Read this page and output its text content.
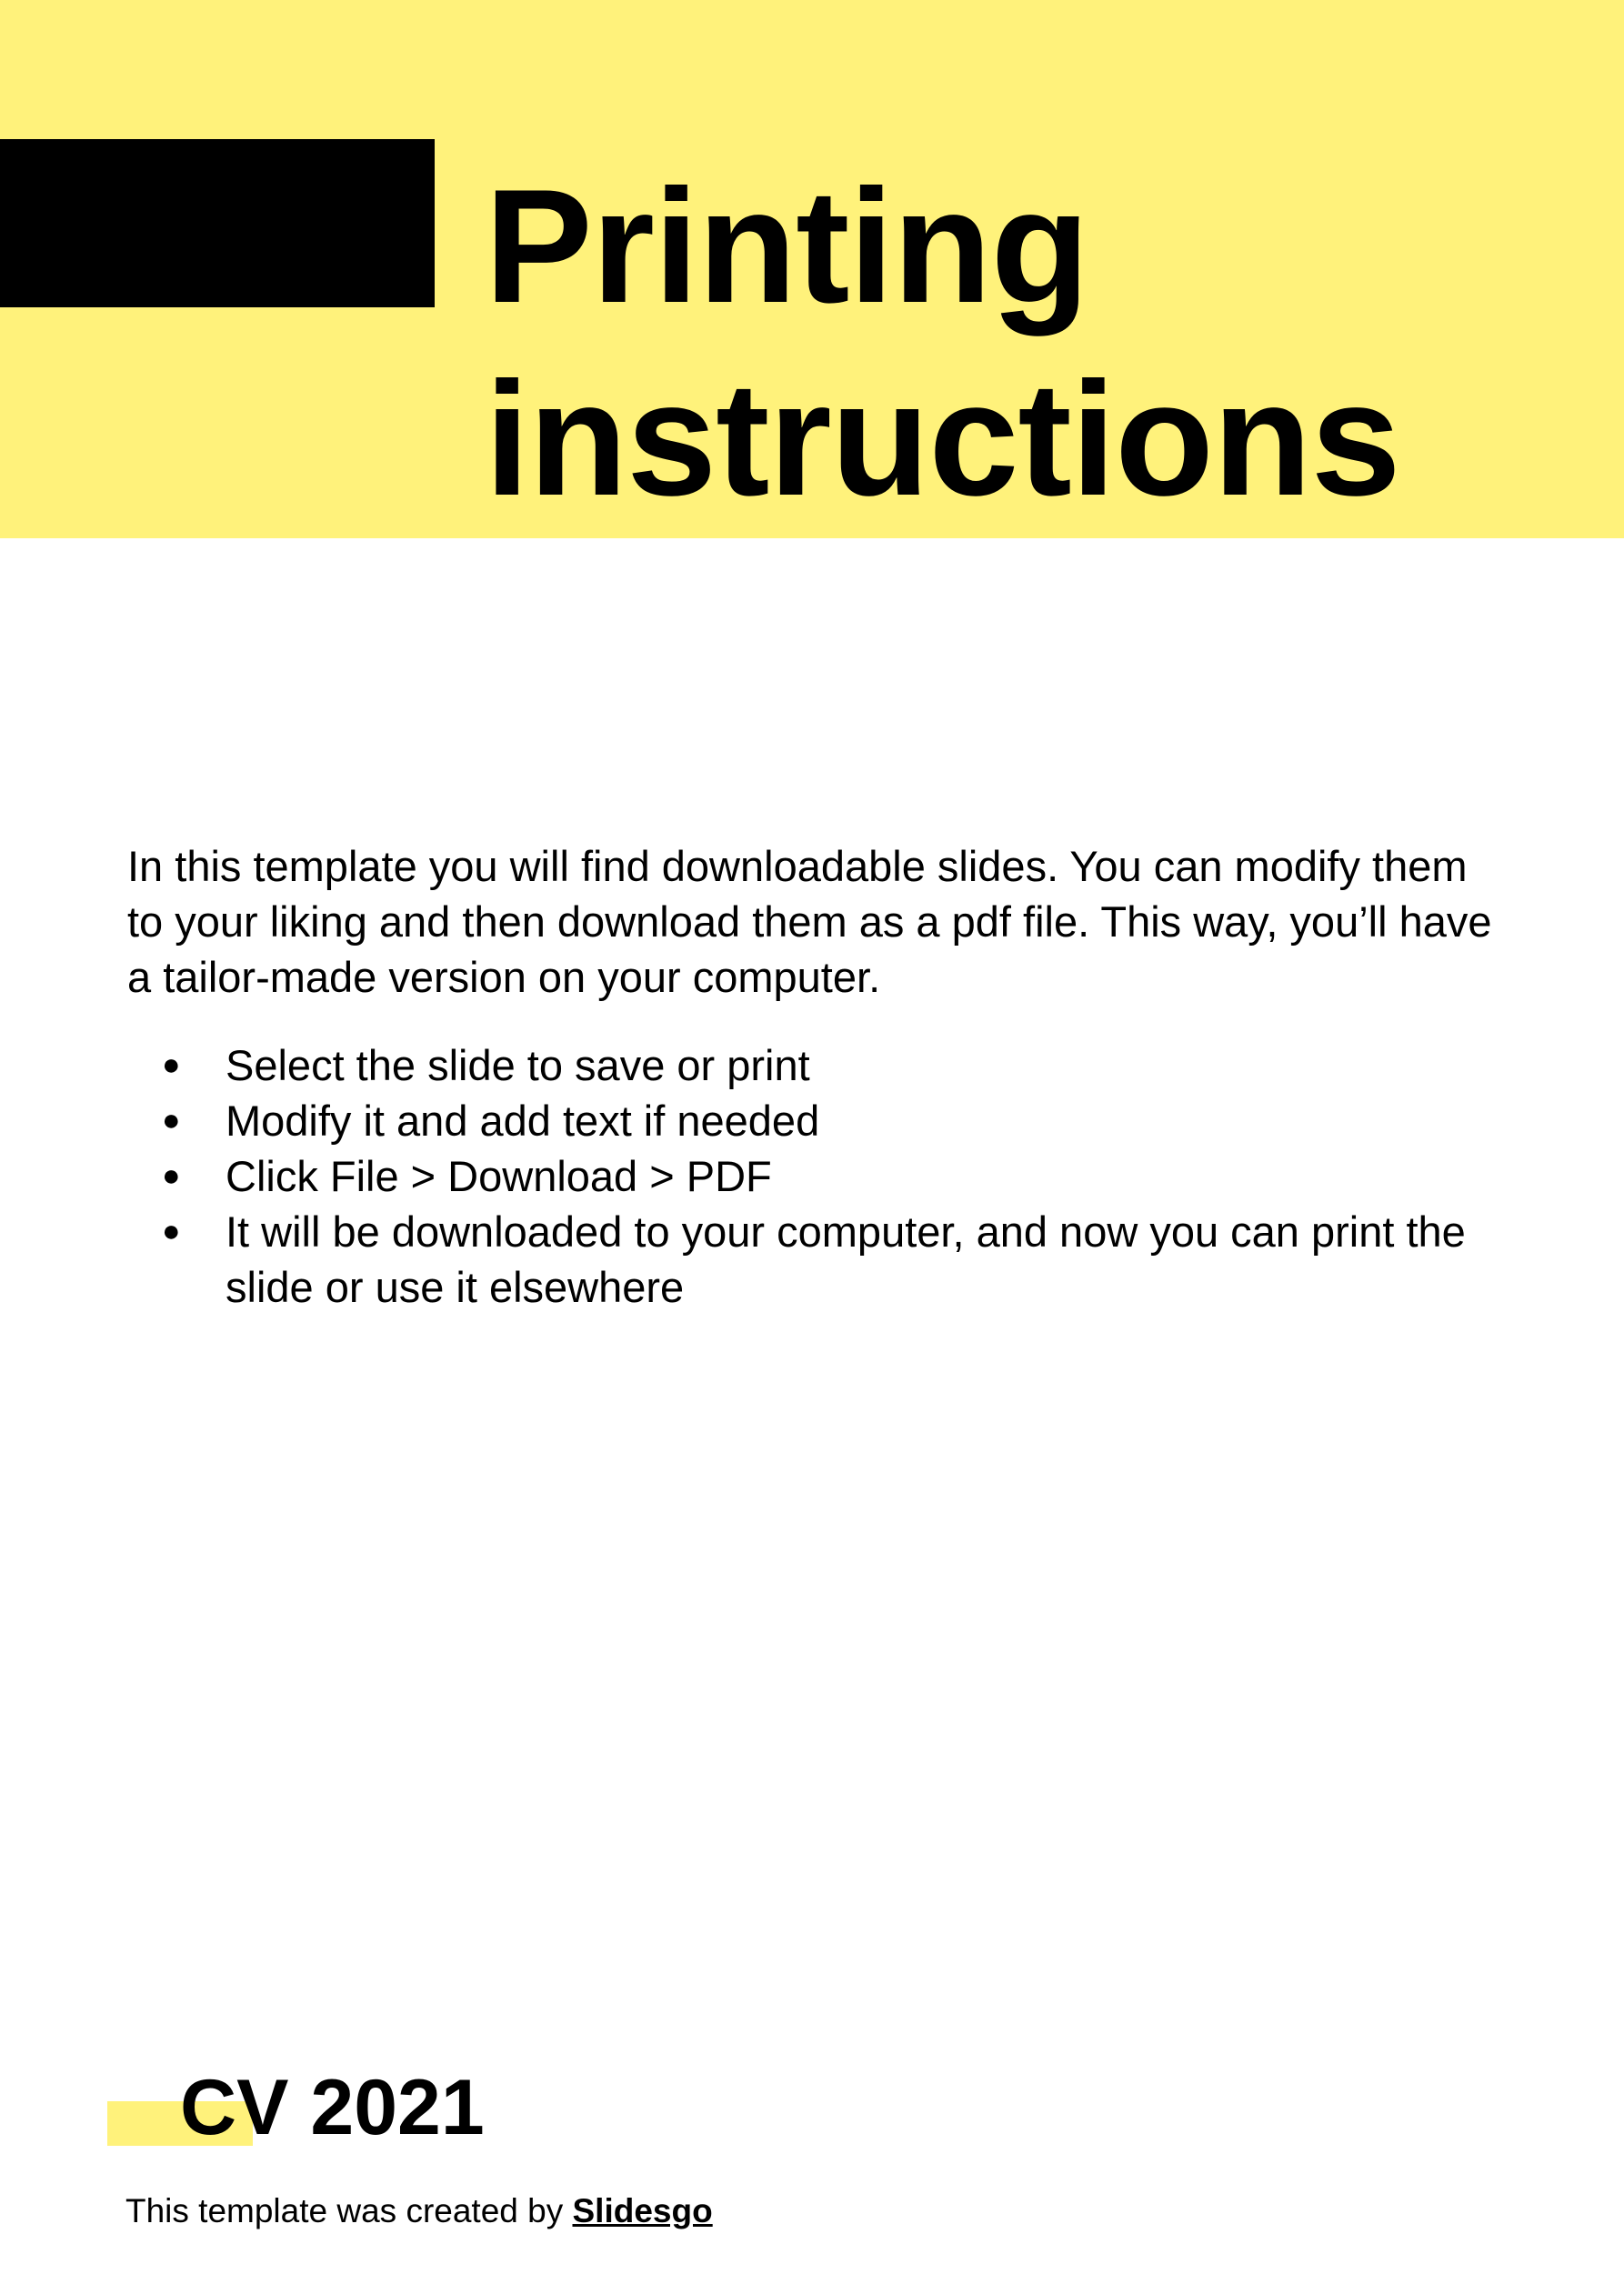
Printing
instructions

In this template you will find downloadable slides. You can modify them to your liking and then download them as a pdf file. This way, you’ll have a tailor-made version on your computer.

● Select the slide to save or print
● Modify it and add text if needed
● Click File > Download > PDF
● It will be downloaded to your computer, and now you can print the slide or use it elsewhere
CV 2021

This template was created by Slidesgo
